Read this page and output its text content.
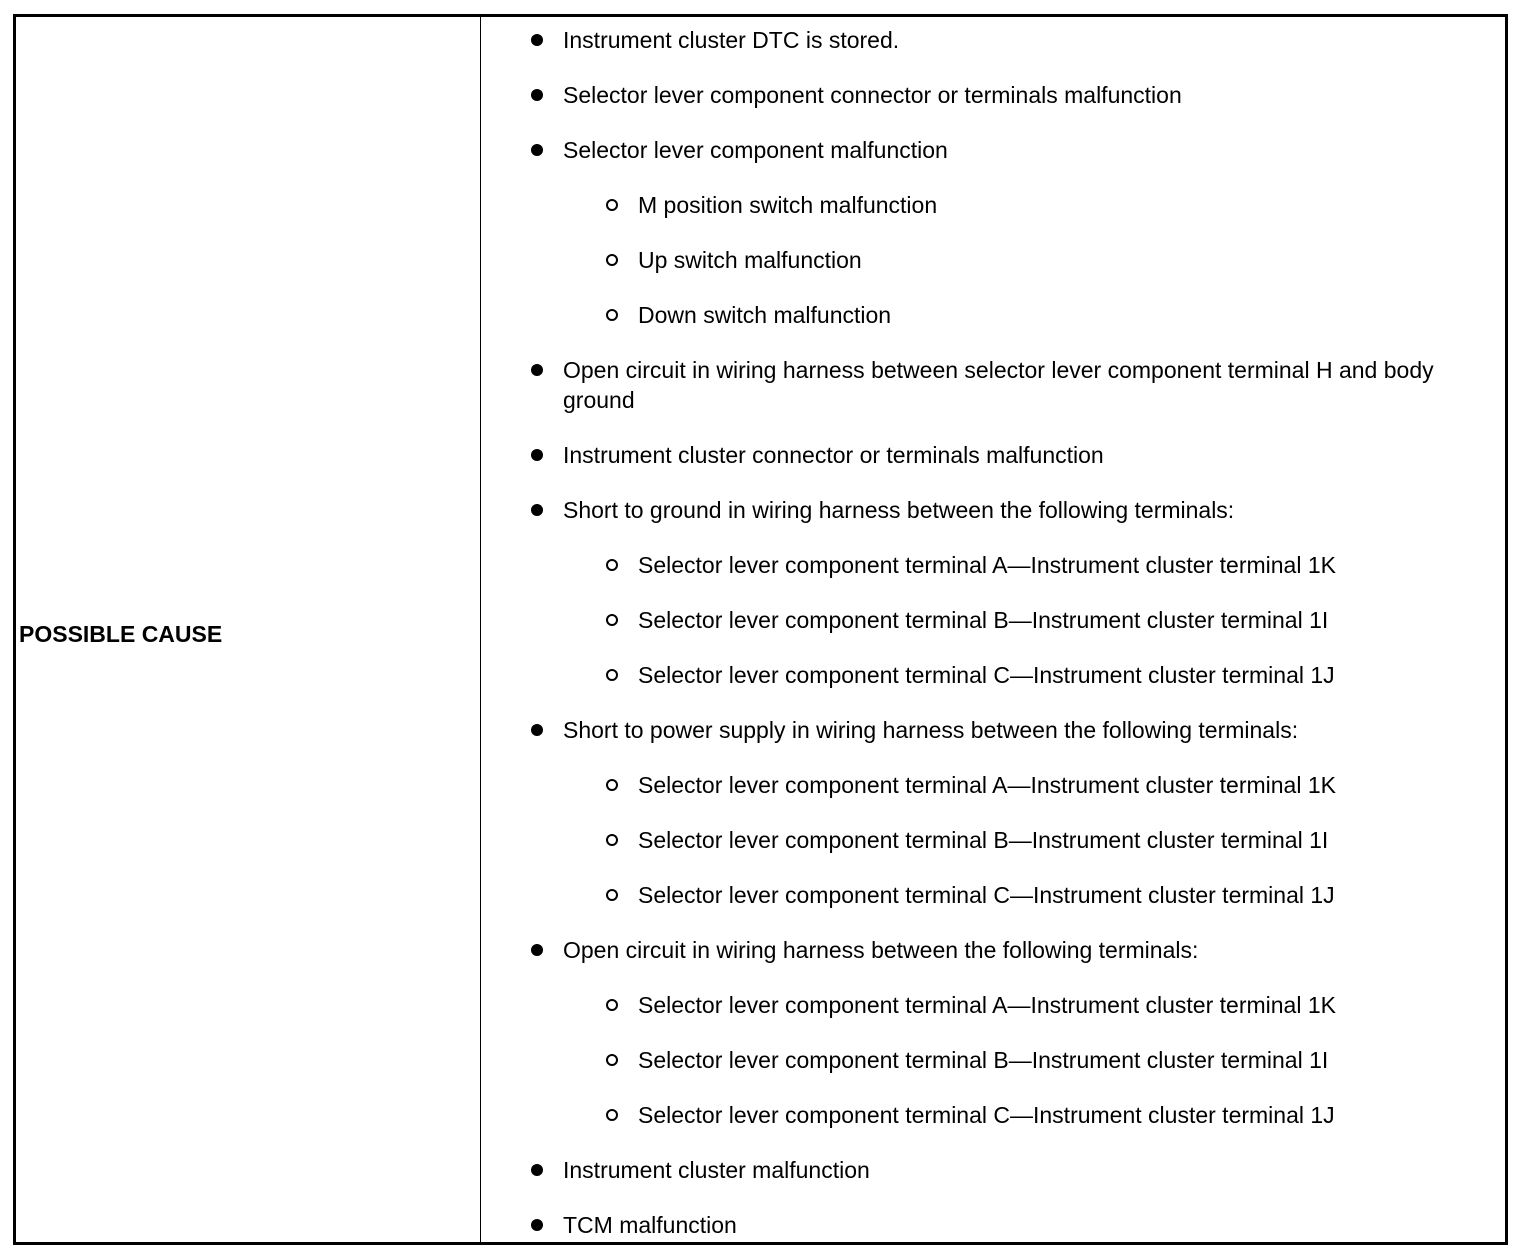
POSSIBLE CAUSE
Instrument cluster DTC is stored.
Selector lever component connector or terminals malfunction
Selector lever component malfunction
M position switch malfunction
Up switch malfunction
Down switch malfunction
Open circuit in wiring harness between selector lever component terminal H and body ground
Instrument cluster connector or terminals malfunction
Short to ground in wiring harness between the following terminals:
Selector lever component terminal A—Instrument cluster terminal 1K
Selector lever component terminal B—Instrument cluster terminal 1I
Selector lever component terminal C—Instrument cluster terminal 1J
Short to power supply in wiring harness between the following terminals:
Selector lever component terminal A—Instrument cluster terminal 1K
Selector lever component terminal B—Instrument cluster terminal 1I
Selector lever component terminal C—Instrument cluster terminal 1J
Open circuit in wiring harness between the following terminals:
Selector lever component terminal A—Instrument cluster terminal 1K
Selector lever component terminal B—Instrument cluster terminal 1I
Selector lever component terminal C—Instrument cluster terminal 1J
Instrument cluster malfunction
TCM malfunction
